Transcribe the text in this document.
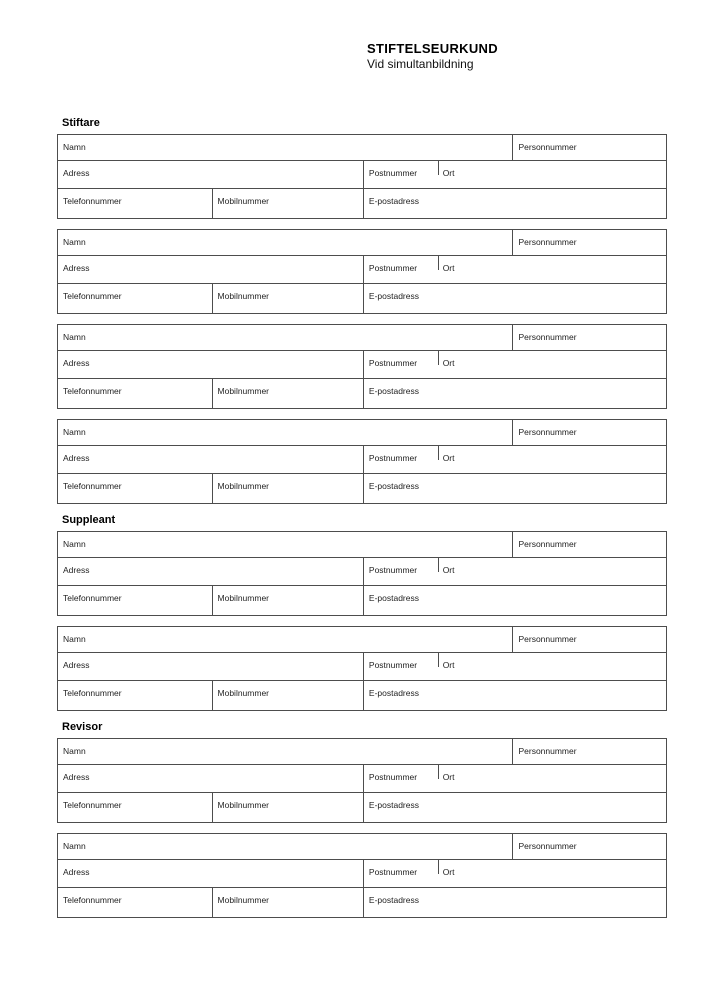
STIFTELSEURKUND
Vid simultanbildning
Stiftare
Namn	Personnummer
Adress	Postnummer	Ort
Telefonnummer	Mobilnummer	E-postadress
Namn	Personnummer
Adress	Postnummer	Ort
Telefonnummer	Mobilnummer	E-postadress
Namn	Personnummer
Adress	Postnummer	Ort
Telefonnummer	Mobilnummer	E-postadress
Namn	Personnummer
Adress	Postnummer	Ort
Telefonnummer	Mobilnummer	E-postadress
Suppleant
Namn	Personnummer
Adress	Postnummer	Ort
Telefonnummer	Mobilnummer	E-postadress
Namn	Personnummer
Adress	Postnummer	Ort
Telefonnummer	Mobilnummer	E-postadress
Revisor
Namn	Personnummer
Adress	Postnummer	Ort
Telefonnummer	Mobilnummer	E-postadress
Namn	Personnummer
Adress	Postnummer	Ort
Telefonnummer	Mobilnummer	E-postadress
